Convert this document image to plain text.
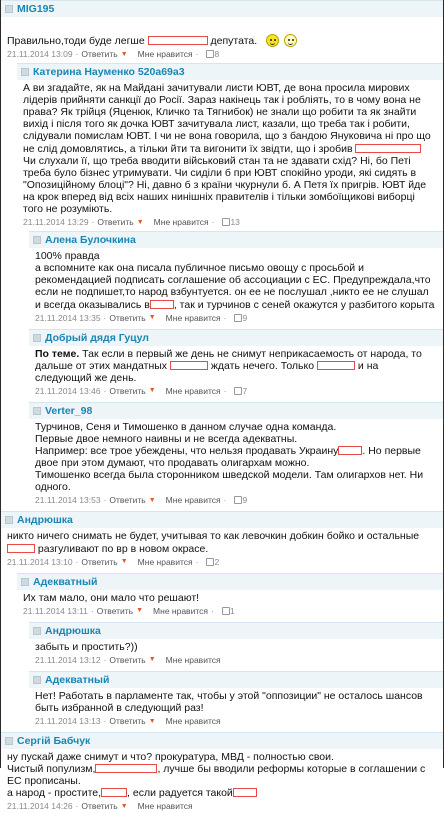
MIG195
Правильно,тоди буде легше	депутата.

21.11.2014 13:09 · Ответить ▼ Мне нравится · 8
Катерина Науменко 520a69a3
А ви згадайте, як на Майдані зачитували листи ЮВТ, де вона просила мирових лідерів прийняти санкції до Росії. Зараз накінець так і робліять, то в чому вона не права? Як трійця (Яценюк, Кличко та Тягнибок) не знали що робити та як знайти вихід і після того як дочка ЮВТ зачитувала лист, казали, що треба так і робити, слідували помислам ЮВТ. І чи не вона говорила, що з бандою Януковича ні про що не слід домовлятись, а тільки йти та вигонити їх звідти, що і зробив  Чи слухали її, що треба вводити військовий стан та не здавати схід? Ні, бо Петі треба було бізнес утримувати. Чи сиділи б при ЮВТ спокійно уроди, які сидять в "Опозиційному блоці"? Ні, давно б з країни чкурнули б. А Петя їх пригрів. ЮВТ йде на крок вперед від всіх наших нинішніх правителів і тільки зомбоїщикові виборці того не розуміють.
21.11.2014 13:29 · Ответить ▼ Мне нравится · 13
Алена Булочкина
100% правда
а вспомните как она писала публичное письмо овощу с просьбой и рекомендацией подписать соглашение об ассоциации с ЕС. Предупреждала,что если не подпишет,то народ взбунтуется. он ее не послушал ,никто ее не слушал и всегда оказывались в , так и турчинов с сеней окажутся у разбитого корыта
21.11.2014 13:35 · Ответить ▼ Мне нравится · 9
Добрый дядя Гуцул
По теме. Так если в первый же день не снимут неприкасаемость от народа, то дальше от этих мандатных	ждать нечего. Только	и на следующий же день.
21.11.2014 13:46 · Ответить ▼ Мне нравится · 7
Verter_98
Турчинов, Сеня и Тимошенко в данном случае одна команда.
Первые двое немного наивны и не всегда адекватны.
Например: все трое убеждены, что нельзя продавать Украину . Но первые двое при этом думают, что продавать олигархам можно.
Тимошенко всегда была сторонником шведской модели. Там олигархов нет. Ни одного.
21.11.2014 13:53 · Ответить ▼ Мне нравится · 9
Андрюшка
никто ничего снимать не будет, учитывая то как левочкин добкин бойко и остальные  разгуливают по вр в новом окрасе.
21.11.2014 13:10 · Ответить ▼ Мне нравится · 2
Адекватный
Их там мало, они мало что решают!
21.11.2014 13:11 · Ответить ▼ Мне нравится · 1
Андрюшка
забыть и простить?))
21.11.2014 13:12 · Ответить ▼ Мне нравится
Адекватный
Нет! Работать в парламенте так, чтобы у этой "оппозиции" не осталось шансов быть избранной в следующий раз!
21.11.2014 13:13 · Ответить ▼ Мне нравится
Сергій Бабчук
ну пускай даже снимут и что? прокуратура, МВД - полностью свои.
Чистый популизм,	, лучше бы вводили реформы которые в соглашении с ЕС прописаны.
а народ - простите, , если радуется такой
21.11.2014 14:26 · Ответить ▼ Мне нравится
